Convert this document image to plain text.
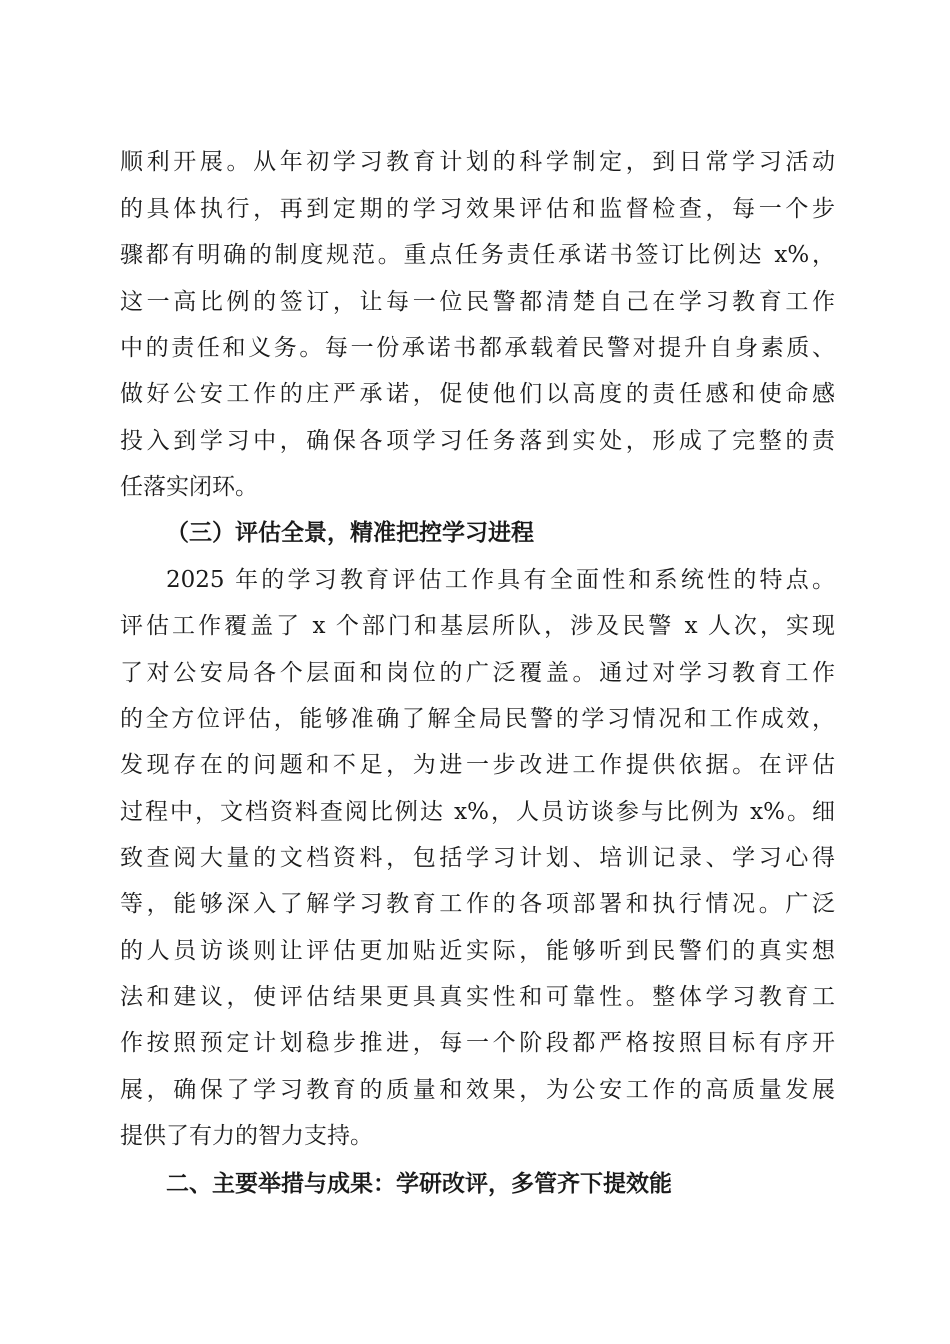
顺利开展。从年初学习教育计划的科学制定，到日常学习活动
的具体执行，再到定期的学习效果评估和监督检查，每一个步
骤都有明确的制度规范。重点任务责任承诺书签订比例达 x%，
这一高比例的签订，让每一位民警都清楚自己在学习教育工作
中的责任和义务。每一份承诺书都承载着民警对提升自身素质、
做好公安工作的庄严承诺，促使他们以高度的责任感和使命感
投入到学习中，确保各项学习任务落到实处，形成了完整的责
任落实闭环。
（三）评估全景，精准把控学习进程
2025 年的学习教育评估工作具有全面性和系统性的特点。
评估工作覆盖了 x 个部门和基层所队，涉及民警 x 人次，实现
了对公安局各个层面和岗位的广泛覆盖。通过对学习教育工作
的全方位评估，能够准确了解全局民警的学习情况和工作成效，
发现存在的问题和不足，为进一步改进工作提供依据。在评估
过程中，文档资料查阅比例达 x%，人员访谈参与比例为 x%。细
致查阅大量的文档资料，包括学习计划、培训记录、学习心得
等，能够深入了解学习教育工作的各项部署和执行情况。广泛
的人员访谈则让评估更加贴近实际，能够听到民警们的真实想
法和建议，使评估结果更具真实性和可靠性。整体学习教育工
作按照预定计划稳步推进，每一个阶段都严格按照目标有序开
展，确保了学习教育的质量和效果，为公安工作的高质量发展
提供了有力的智力支持。
二、主要举措与成果：学研改评，多管齐下提效能
